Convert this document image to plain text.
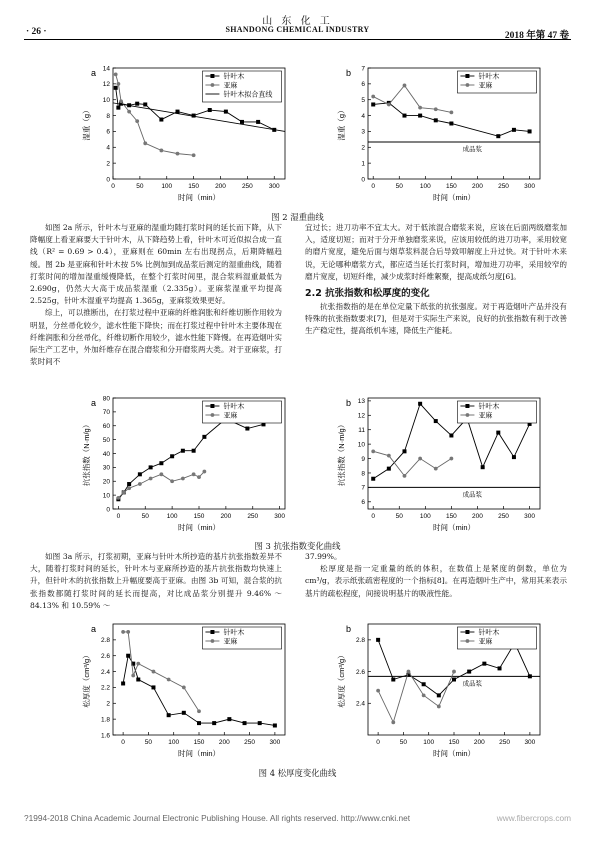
山 东 化 工
· 26 ·	SHANDONG CHEMICAL INDUSTRY
2018 年第 47 卷
a
0	50	100 150 200 250 300
0
2
4
6
8
10
12
14
时间（min）
湿重（g）
针叶木
亚麻
针叶木拟合直线
b
0	50	100 150 200 250 300
0
1
2
3
4
5
6
7
时间（min）
湿重（g）
成品浆
针叶木
亚麻
图 2 湿重曲线

如图 2a 所示，针叶木与亚麻的湿重均随打浆时间的延长而下降，从下降幅度上看亚麻要大于针叶木，从下降趋势上看，针叶木可近似拟合成一直线（R² = 0.69 > 0.4），亚麻则在 60min 左右出现拐点，后期降幅趋缓。图 2b 是亚麻和针叶木按 5% 比例加到成品浆后测定的湿重曲线，随着打浆时间的增加湿重缓慢降低，在整个打浆时间里，混合浆料湿重最低为 2.690g，仍然大大高于成品浆湿重（2.335g）。亚麻浆湿重平均提高 2.525g，针叶木湿重平均提高 1.365g，亚麻浆效果更好。

综上，可以推断出，在打浆过程中亚麻的纤维润胀和纤维切断作用较为明显，分丝帚化较少，滤水性能下降快；而在打浆过程中针叶木主要体现在纤维润胀和分丝帚化，纤维切断作用较少，滤水性能下降慢。在再造烟叶实际生产工艺中，外加纤维存在混合磨浆和分开磨浆两大类。对于亚麻浆，打浆时间不

宜过长；进刀功率不宜太大。对于低浓混合磨浆来说，应该在后面两级磨浆加入，适度切短；而对于分开单独磨浆来说，应该用较低的进刀功率，采用较宽的磨片宽度，避免后面与烟草浆料混合后导致叩解度上升过快。对于针叶木来说，无论哪种磨浆方式，都应适当延长打浆时间，增加进刀功率，采用较窄的磨片宽度，切短纤维，减少成浆时纤维絮聚，提高成纸匀度[6]。

2.2 抗张指数和松厚度的变化

抗张指数指的是在单位定量下纸张的抗张强度。对于再造烟叶产品并没有特殊的抗张指数要求[7]，但是对于实际生产来说，良好的抗张指数有利于改善生产稳定性，提高纸机车速，降低生产能耗。

a
0	50	100 150 200 250 300
0
10
20
30
40
50
60
70
80
时间（min）
抗张指数（N·m/g）
针叶木
亚麻
b
0	50	100 150 200 250 300
6
7
8
9
10
11
12
13
时间（min）
抗张指数（N·m/g）
成品浆
针叶木
亚麻
图 3 抗张指数变化曲线

如图 3a 所示，打浆初期，亚麻与针叶木所抄造的基片抗张指数差异不大，随着打浆时间的延长，针叶木与亚麻所抄造的基片抗张指数均快速上升，但针叶木的抗张指数上升幅度要高于亚麻。由图 3b 可知，混合浆的抗张指数都随打浆时间的延长而提高，对比成品浆分别提升 9.46% ～ 84.13% 和 10.59% ～

37.99%。

松厚度是指一定重量的纸的体积，在数值上是紧度的倒数，单位为 cm³/g，表示纸张疏密程度的一个指标[8]。在再造烟叶生产中，常用其来表示基片的疏松程度，间接说明基片的吸液性能。

a
0	50 100 150 200 250 300
1.6
1.8
2
2.2
2.4
2.6
2.8
时间（min）
松厚度（cm³/g）
针叶木
亚麻
b
0	50 100 150 200 250 300
2.4
2.6
2.8
时间（min）
松厚度（cm³/g）	成品浆
针叶木
亚麻
图 4 松厚度变化曲线
?1994-2018 China Academic Journal Electronic Publishing House. All rights reserved. http://www.cnki.net	www.fibercrops.com
